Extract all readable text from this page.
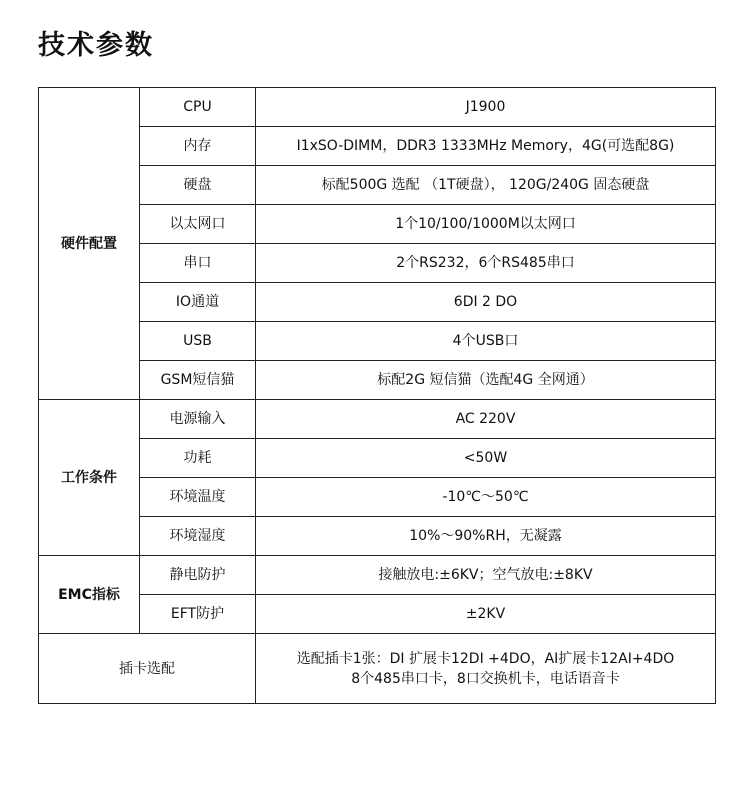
技术参数
硬件配置	CPU	J1900
	内存	I1xSO-DIMM，DDR3 1333MHz Memory，4G(可选配8G)
	硬盘	标配500G 选配 （1T硬盘）， 120G/240G 固态硬盘
	以太网口	1个10/100/1000M以太网口
	串口	2个RS232，6个RS485串口
	IO通道	6DI 2 DO
	USB	4个USB口
	GSM短信猫	标配2G 短信猫（选配4G 全网通）
工作条件	电源输入	AC 220V
	功耗	<50W
	环境温度	-10℃～50℃
	环境湿度	10%～90%RH，无凝露
EMC指标	静电防护	接触放电:±6KV；空气放电:±8KV
	EFT防护	±2KV
插卡选配		选配插卡1张：DI 扩展卡12DI +4DO，AI扩展卡12AI+4DO
8个485串口卡，8口交换机卡，电话语音卡
